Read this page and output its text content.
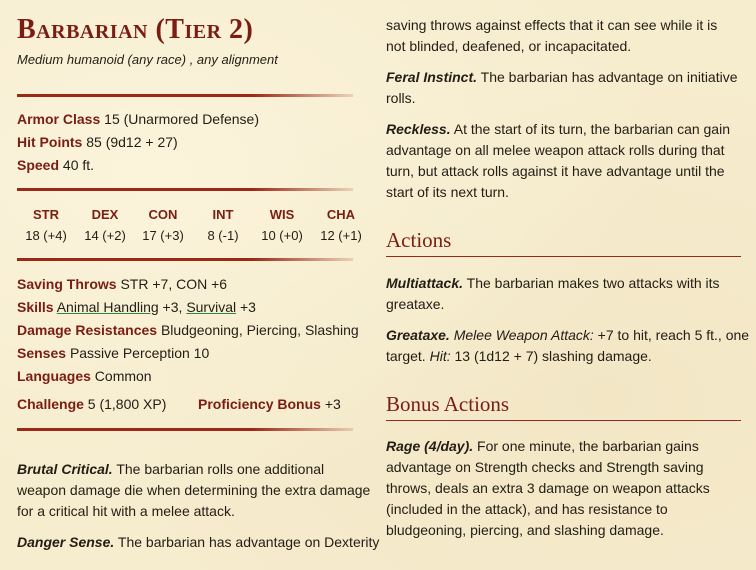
Barbarian (Tier 2)
Medium humanoid (any race) , any alignment
Armor Class 15 (Unarmored Defense)
Hit Points 85 (9d12 + 27)
Speed 40 ft.
STR
18 (+4)
DEX
14 (+2)
CON
17 (+3)
INT
8 (-1)
WIS
10 (+0)
CHA
12 (+1)
Saving Throws STR +7, CON +6
Skills Animal Handling +3, Survival +3
Damage Resistances Bludgeoning, Piercing, Slashing
Senses Passive Perception 10
Languages Common
Challenge 5 (1,800 XP) Proficiency Bonus +3
Brutal Critical. The barbarian rolls one additional
weapon damage die when determining the extra damage
for a critical hit with a melee attack.
Danger Sense. The barbarian has advantage on Dexterity
saving throws against effects that it can see while it is
not blinded, deafened, or incapacitated.
Feral Instinct. The barbarian has advantage on initiative
rolls.
Reckless. At the start of its turn, the barbarian can gain
advantage on all melee weapon attack rolls during that
turn, but attack rolls against it have advantage until the
start of its next turn.
Actions
Multiattack. The barbarian makes two attacks with its
greataxe.
Greataxe. Melee Weapon Attack: +7 to hit, reach 5 ft., one
target. Hit: 13 (1d12 + 7) slashing damage.
Bonus Actions
Rage (4/day). For one minute, the barbarian gains
advantage on Strength checks and Strength saving
throws, deals an extra 3 damage on weapon attacks
(included in the attack), and has resistance to
bludgeoning, piercing, and slashing damage.
